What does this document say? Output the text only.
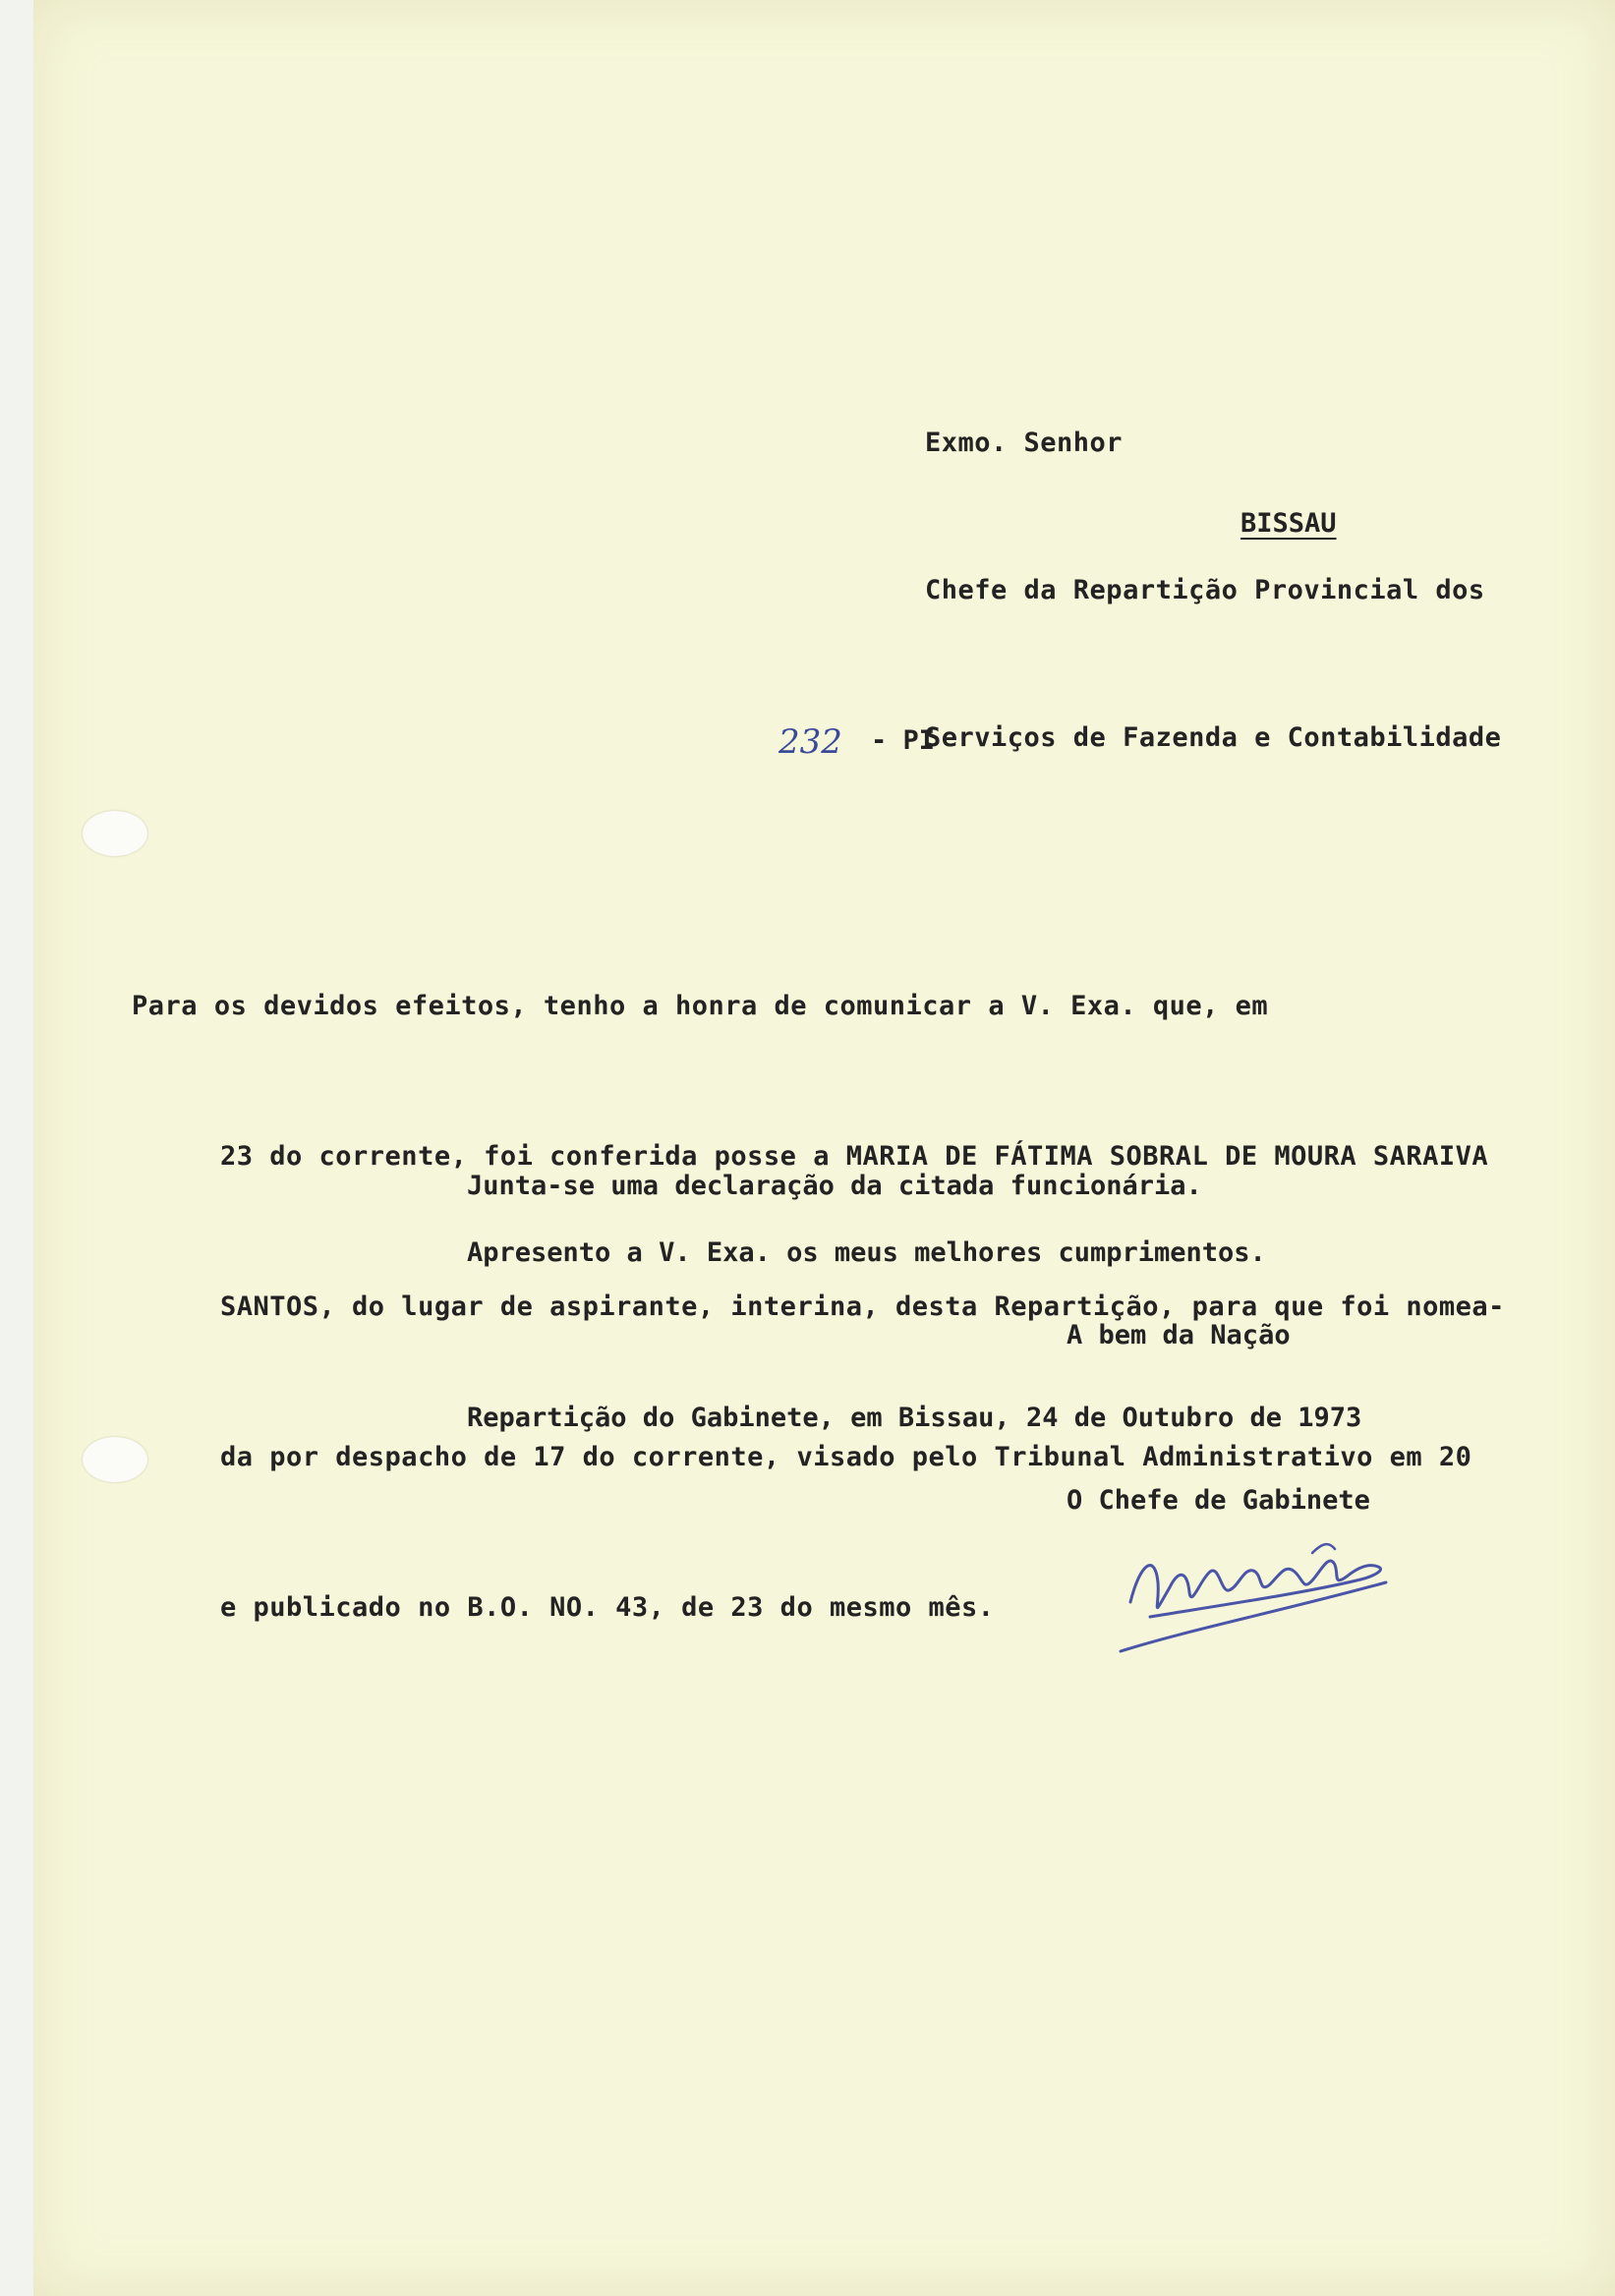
Exmo. Senhor

Chefe da Repartição Provincial dos

Serviços de Fazenda e Contabilidade

BISSAU
232 - PI

Para os devidos efeitos, tenho a honra de comunicar a V. Exa. que, em

23 do corrente, foi conferida posse a MARIA DE FÁTIMA SOBRAL DE MOURA SARAIVA

SANTOS, do lugar de aspirante, interina, desta Repartição, para que foi nomea-

da por despacho de 17 do corrente, visado pelo Tribunal Administrativo em 20

e publicado no B.O. NO. 43, de 23 do mesmo mês.

Junta-se uma declaração da citada funcionária.
Apresento a V. Exa. os meus melhores cumprimentos.
A bem da Nação
Repartição do Gabinete, em Bissau, 24 de Outubro de 1973
O Chefe de Gabinete
